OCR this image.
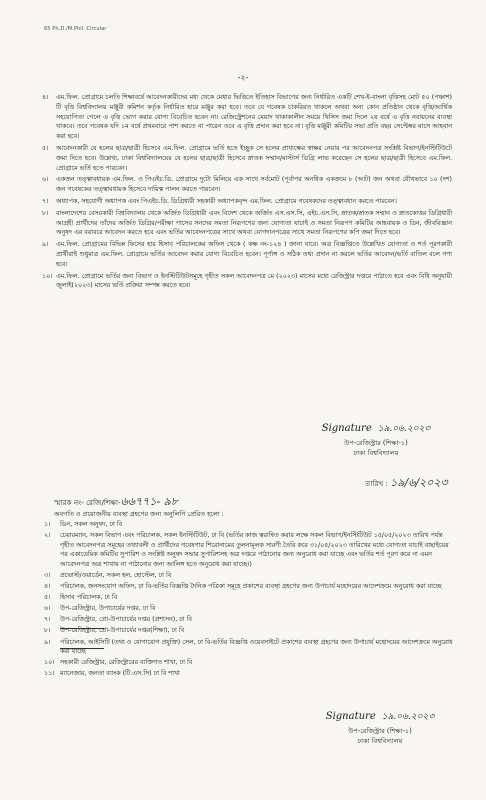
65 Ph.D./M.Phil. Circular
-২-
৪।	এম.ফিল. প্রোগ্রামে চলতি শিক্ষাবর্ষে আবেদনকারীদের মধ্য থেকে মেধার ভিত্তিতে ইতিহাস বিভাগের জন্য নির্ধারিত একটি শেখ-ই-বাংলা বৃত্তিসহ মোট ৫০ (পঞ্চাশ) টি বৃত্তি বিশ্ববিদ্যালয় মঞ্জুরী কমিশন কর্তৃক নির্ধারিত হারে মঞ্জুর করা হবে। তবে যে গবেষক চাকরিরত থাকলে অথবা অন্য কোন প্রতিষ্ঠান থেকে বৃত্তি/আর্থিক সহযোগিতা পেলে এ বৃত্তি ভোগ করার যোগ্য বিবেচিত হবেন না। রেজিস্ট্রেশনের মেয়াদ থাকাকালীন সময়ে থিসিস জমা দিলে ২য় বর্ষে এ বৃত্তি নবায়নের ব্যবস্থা থাকবে। তবে গবেষক যদি ১ম বর্ষে প্রথমবারে পাশ করতে না পারেন তবে এ বৃত্তি প্রদান করা হবে না। বৃত্তি মঞ্জুরী কমিটির সভা প্রতি বছর সেপ্টেম্বর মাসে আহবান করা হবে।
৫।	আবেদনকারী যে হলের ছাত্র/ছাত্রী হিসেবে এম.ফিল. প্রোগ্রামে ভর্তি হতে ইচ্ছুক সে হলের প্রাধ্যক্ষের স্বাক্ষর নেয়ার পর আবেদনপত্র সংশ্লিষ্ট বিভাগ/ইনস্টিটিউটে জমা দিতে হবে। উল্লেখ্য, ঢাকা বিশ্ববিদ্যালয়ের যে হলের ছাত্র/ছাত্রী হিসেবে স্নাতক সম্মান/মাস্টার্স ডিগ্রি লাভ করেছেন সে হলের ছাত্র/ছাত্রী হিসেবে এম.ফিল. প্রোগ্রামে ভর্তি হতে পারবেন।
৬।	একজন তত্ত্বাবধায়ক এম.ফিল. ও পিএইচ.ডি. প্রোগ্রামে দুটো মিলিয়ে এক সাথে সর্বমোট (পূর্বাপর অনধিক একক্রমে ৮ (আট) জন অথবা যৌথভাবে ১০ (দশ) জন গবেষকের তত্ত্বাবধায়ক হিসেবে দায়িত্ব পালন করতে পারবেন।
৭।	অধ্যাপক, সহযোগী অধ্যাপক এবং পিএইচ.ডি. ডিগ্রিধারী সহকারী অধ্যাপকবৃন্দ এম.ফিল. প্রোগ্রামে গবেষকদের তত্ত্বাবধান করতে পারবেন।
৮।	বাংলাদেশের বেসরকারী বিশ্ববিদ্যালয় থেকে অর্জিত ডিগ্রিধারী এবং বিদেশ থেকে অর্জিত এস.এস.সি, এইচ.এস.সি, স্নাতক/স্নাতক সম্মান ও স্নাতকোত্তর ডিগ্রিধারী আগ্রহী প্রার্থীদের তাঁদের অর্জিত ডিগ্রির/পরীক্ষা পাসের সনদের সমতা নিরূপণের জন্য যোগ্যতা যাচাই ও সমতা নিরূপণ কমিটির আহবায়ক ও ডিন, জীববিজ্ঞান অনুষদ এর বরাবরে আবেদন করতে হবে এবং ভর্তির আবেদনপত্রের সাথে অথবা যোগদানপত্রের সাথে সমতা নিরূপণের কপি জমা দিতে হবে।
৯।	এম.ফিল. প্রোগ্রামের বিভিন্ন ফিসের হার হিসাব পরিচালকের অফিস থেকে ( কক্ষ নং-১২৪ ) জানা যাবে। অত্র বিজ্ঞপ্তিতে উল্লেখিত যোগ্যতা ও শর্ত পূরণকারী প্রার্থীরাই শুধুমাত্র এম.ফিল. প্রোগ্রামে ভর্তির আবেদন করার যোগ্য বিবেচিত হবেন। পূর্ণাঙ্গ ও সঠিক তথ্য প্রদান না করলে ভর্তির আবেদন/ভর্তি বাতিল বলে গণ্য হবে।
১০। এম.ফিল. প্রোগ্রামে ভর্তির জন্য বিভাগ ও ইনস্টিটিউটসমূহে গৃহীত সকল আবেদনপত্র মে (২০২৩) মাসের মধ্যে রেজিস্ট্রার দপ্তরে পাঠাতে হবে এবং বিধি অনুযায়ী জুলাই(২০২৩) মাসের ভর্তি প্রক্রিয়া সম্পন্ন করতে হবে।
Signature ১৯.০৬.২০২৩
উপ-রেজিস্ট্রার (শিক্ষা-১)
ঢাকা বিশ্ববিদ্যালয়
তারিখ : ১৯/৬/২০২৩
স্মারক নং- রেজি/শিক্ষা-৬৬৭৭১- ৯৮
অবগতি ও প্রয়োজনীয় ব্যবস্থা গ্রহণের জন্য অনুলিপি প্রেরিত হলো :
১।	ডিন, সকল অনুষদ, ঢা বি
২।	চেয়ারম্যান, সকল বিভাগ এবং পরিচালক, সকল ইনস্টিটিউট, ঢা বি (ভর্তির কাজ ত্বরান্বিত করার লক্ষে সকল বিভাগ/ইনস্টিটিউট ১৫/০৫/২০২৩ তারিখ পর্যন্ত গৃহীত আবেদনপত্র সমূহের তথ্যাবলী ও প্রার্থীদের গবেষণার শিরোনামের তুলনামূলক সারণী তৈরি করে ৩১/০৫/২০২৩ তারিখের মধ্যে যোগ্যতা যাচাই বাছাইয়ের পর একাডেমিক কমিটির সুপারিশ ও সংশ্লিষ্ট অনুষদ সভার সুপারিশসহ অত্র দপ্তরে পাঠানোর জন্য অনুরোধ করা যাচ্ছে এবং ভর্তির শর্ত পূরণ করে না এমন আবেদনপত্র অত্র শাখায় না পাঠানোর জন্য আলিঙ্গ হতে অনুরোধ করা যাচ্ছে।)
৩।	প্রভোস্ট/ওয়ার্ডেন, সকল হল, হোস্টেল, ঢা বি
৪।	পরিচালক, জনসংযোগ অফিস, ঢা বি-ভর্তির বিজ্ঞপ্তি দৈনিক পত্রিকা সমূহে প্রকাশের ব্যবস্থা গ্রহণের জন্য উপাচার্য মহোদয়ের আদেশক্রমে অনুরোধ করা যাচ্ছে
৫।	হিসাব পরিচালক, ঢা বি
৬।	উপ-রেজিস্ট্রার, উপাচার্যের দপ্তর, ঢা বি
৭।	উপ-রেজিস্ট্রার, প্রো-উপাচার্যের দপ্তর (প্রশাসন), ঢা বি
৮।	উপ-রেজিস্ট্রার, প্রো-উপাচার্যের দপ্তর(শিক্ষা), ঢা বি
৯।	পরিচালক, আইসিটি (তথ্য ও যোগাযোগ প্রযুক্তি) সেল, ঢা বি-ভর্তির বিজ্ঞপ্তি ওয়েবসাইটে প্রকাশের ব্যবস্থা গ্রহণের জন্য উপাচার্য মহোদয়ের আদেশক্রমে অনুরোধ করা যাচ্ছে
১০। সহকারী রেজিস্ট্রার, রেজিস্ট্রারের ব্যক্তিগত শাখা, ঢা বি
১১। ম্যানেজার, জনতা ব্যাংক (টি.এস.সি) ঢা বি শাখা
Signature ১৯.০৬.২০২৩
উপ-রেজিস্ট্রার (শিক্ষা-১)
ঢাকা বিশ্ববিদ্যালয়
